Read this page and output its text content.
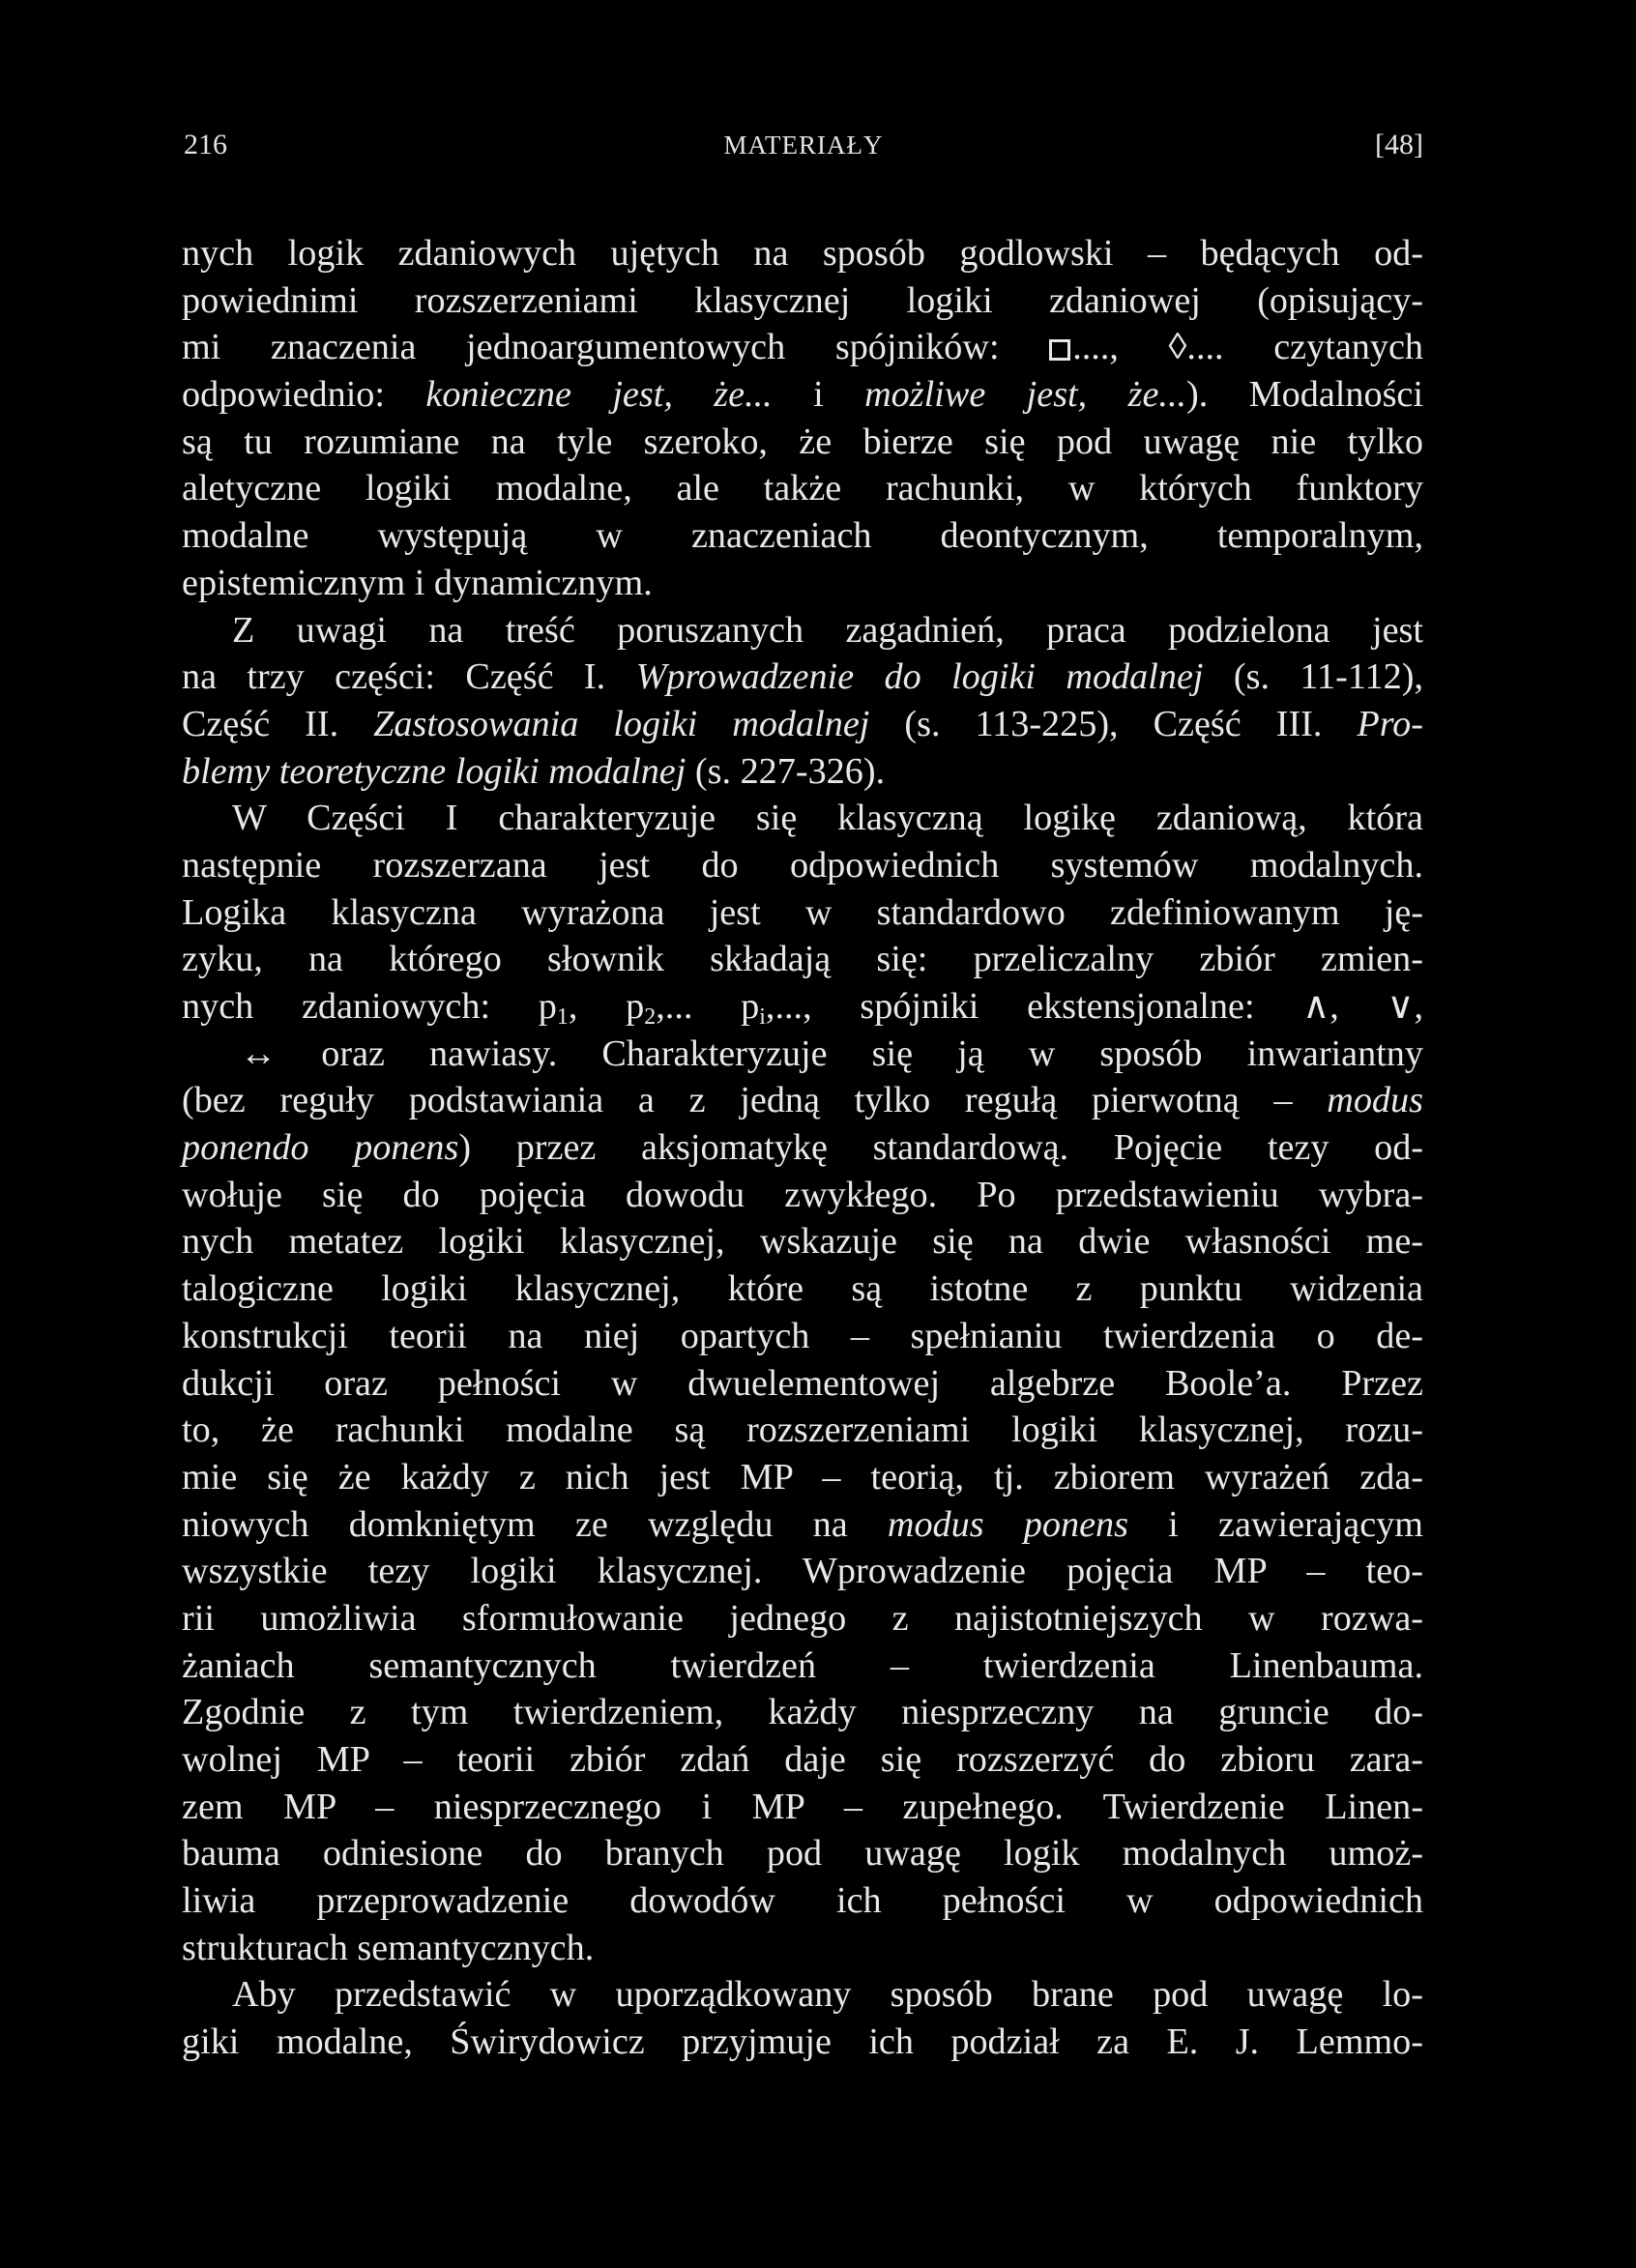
216	MATERIAŁY	[48]
nych logik zdaniowych ujętych na sposób godlowski – będących od-
powiednimi rozszerzeniami klasycznej logiki zdaniowej (opisujący-
mi znaczenia jednoargumentowych spójników: ...., ◊.... czytanych
odpowiednio: konieczne jest, że... i możliwe jest, że...). Modalności
są tu rozumiane na tyle szeroko, że bierze się pod uwagę nie tylko
aletyczne logiki modalne, ale także rachunki, w których funktory
modalne występują w znaczeniach deontycznym, temporalnym,
epistemicznym i dynamicznym.
Z uwagi na treść poruszanych zagadnień, praca podzielona jest
na trzy części: Część I. Wprowadzenie do logiki modalnej (s. 11-112),
Część II. Zastosowania logiki modalnej (s. 113-225), Część III. Pro-
blemy teoretyczne logiki modalnej (s. 227-326).
W Części I charakteryzuje się klasyczną logikę zdaniową, która
następnie rozszerzana jest do odpowiednich systemów modalnych.
Logika klasyczna wyrażona jest w standardowo zdefiniowanym ję-
zyku, na którego słownik składają się: przeliczalny zbiór zmien-
nych zdaniowych: $p_1$, $p_2$,... $p_i$,..., spójniki ekstensjonalne: ∧, ∨,
↔ oraz nawiasy. Charakteryzuje się ją w sposób inwariantny
(bez reguły podstawiania a z jedną tylko regułą pierwotną – modus
ponendo ponens) przez aksjomatykę standardową. Pojęcie tezy od-
wołuje się do pojęcia dowodu zwykłego. Po przedstawieniu wybra-
nych metatez logiki klasycznej, wskazuje się na dwie własności me-
talogiczne logiki klasycznej, które są istotne z punktu widzenia
konstrukcji teorii na niej opartych – spełnianiu twierdzenia o de-
dukcji oraz pełności w dwuelementowej algebrze Boole’a. Przez
to, że rachunki modalne są rozszerzeniami logiki klasycznej, rozu-
mie się że każdy z nich jest MP – teorią, tj. zbiorem wyrażeń zda-
niowych domkniętym ze względu na modus ponens i zawierającym
wszystkie tezy logiki klasycznej. Wprowadzenie pojęcia MP – teo-
rii umożliwia sformułowanie jednego z najistotniejszych w rozwa-
żaniach semantycznych twierdzeń – twierdzenia Linenbauma.
Zgodnie z tym twierdzeniem, każdy niesprzeczny na gruncie do-
wolnej MP – teorii zbiór zdań daje się rozszerzyć do zbioru zara-
zem MP – niesprzecznego i MP – zupełnego. Twierdzenie Linen-
bauma odniesione do branych pod uwagę logik modalnych umoż-
liwia przeprowadzenie dowodów ich pełności w odpowiednich
strukturach semantycznych.
Aby przedstawić w uporządkowany sposób brane pod uwagę lo-
giki modalne, Świrydowicz przyjmuje ich podział za E. J. Lemmo-
